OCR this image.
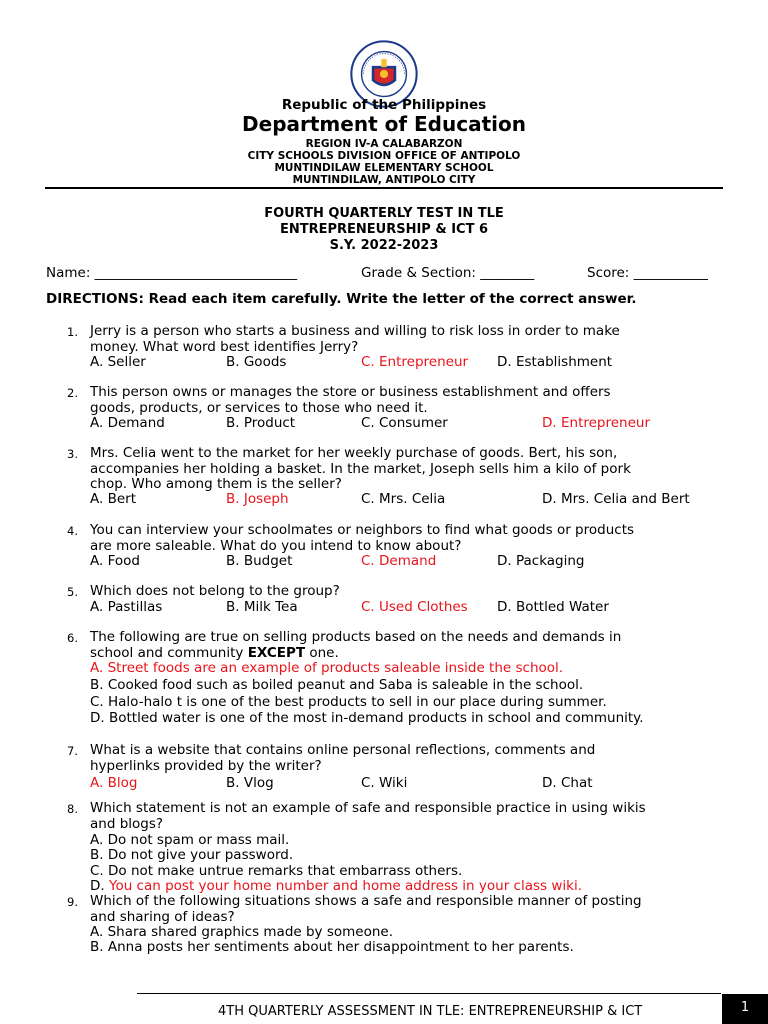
Republic of the Philippines
Department of Education
REGION IV-A CALABARZON
CITY SCHOOLS DIVISION OFFICE OF ANTIPOLO
MUNTINDILAW ELEMENTARY SCHOOL
MUNTINDILAW, ANTIPOLO CITY
FOURTH QUARTERLY TEST IN TLE
ENTREPRENEURSHIP & ICT 6
S.Y. 2022-2023
Name: ______________________________	Grade & Section: ________	Score: ___________
DIRECTIONS: Read each item carefully. Write the letter of the correct answer.
1. Jerry is a person who starts a business and willing to risk loss in order to make
money. What word best identifies Jerry?
A. Seller	B. Goods	C. Entrepreneur D. Establishment
2. This person owns or manages the store or business establishment and offers
goods, products, or services to those who need it.
A. Demand	B. Product	C. Consumer	D. Entrepreneur
3. Mrs. Celia went to the market for her weekly purchase of goods. Bert, his son,
accompanies her holding a basket. In the market, Joseph sells him a kilo of pork
chop. Who among them is the seller?
A. Bert	B. Joseph	C. Mrs. Celia	D. Mrs. Celia and Bert
4. You can interview your schoolmates or neighbors to find what goods or products
are more saleable. What do you intend to know about?
A. Food	B. Budget	C. Demand	D. Packaging
5. Which does not belong to the group?
A. Pastillas	B. Milk Tea	C. Used Clothes D. Bottled Water
6. The following are true on selling products based on the needs and demands in
school and community EXCEPT one.
A. Street foods are an example of products saleable inside the school.
B. Cooked food such as boiled peanut and Saba is saleable in the school.
C. Halo-halo t is one of the best products to sell in our place during summer.
D. Bottled water is one of the most in-demand products in school and community.
7. What is a website that contains online personal reflections, comments and
hyperlinks provided by the writer?
A. Blog	B. Vlog	C. Wiki	D. Chat
8. Which statement is not an example of safe and responsible practice in using wikis
and blogs?
A. Do not spam or mass mail.
B. Do not give your password.
C. Do not make untrue remarks that embarrass others.
D. You can post your home number and home address in your class wiki.
9. Which of the following situations shows a safe and responsible manner of posting
and sharing of ideas?
A. Shara shared graphics made by someone.
B. Anna posts her sentiments about her disappointment to her parents.
4TH QUARTERLY ASSESSMENT IN TLE: ENTREPRENEURSHIP & ICT	1
